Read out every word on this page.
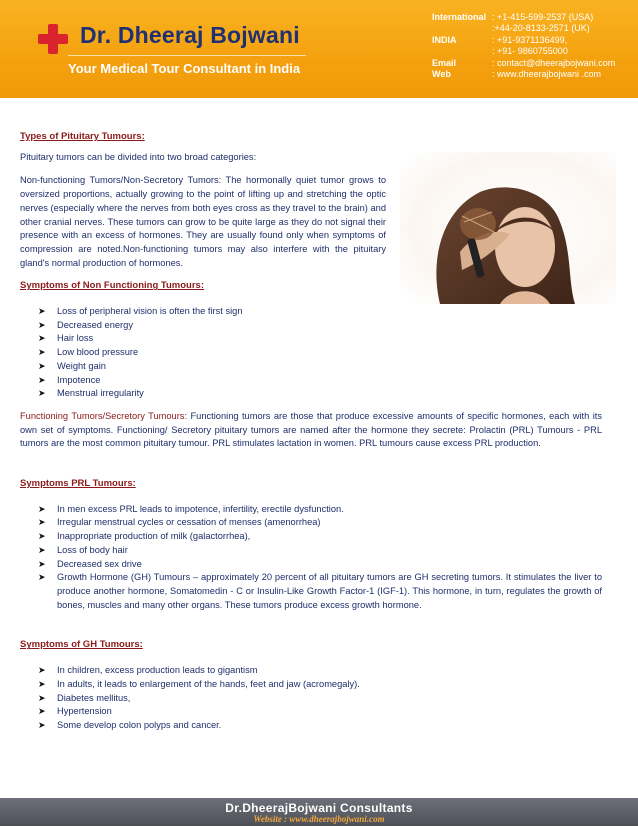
Dr. Dheeraj Bojwani
Your Medical Tour Consultant in India
International : +1-415-599-2537 (USA)
:+44-20-8133-2571 (UK)
INDIA	: +91-9371136499,
: +91- 9860755000
Email	: contact@dheerajbojwani.com
Web	: www.dheerajbojwani .com
Types of Pituitary Tumours:

Pituitary tumors can be divided into two broad categories:

Non-functioning Tumors/Non-Secretory Tumors: The hormonally quiet tumor grows to oversized proportions, actually growing to the point of lifting up and stretching the optic nerves (especially where the nerves from both eyes cross as they travel to the brain) and other cranial nerves. These tumors can grow to be quite large as they do not signal their presence with an excess of hormones. They are usually found only when symptoms of compression are noted.Non-functioning tumors may also interfere with the pituitary gland's normal production of hormones.

Symptoms of Non Functioning Tumours:
➤ Loss of peripheral vision is often the first sign
➤ Decreased energy
➤ Hair loss
➤ Low blood pressure
➤ Weight gain
➤ Impotence
➤ Menstrual irregularity

Functioning Tumors/Secretory Tumours: Functioning tumors are those that produce excessive amounts of specific hormones, each with its own set of symptoms. Functioning/ Secretory pituitary tumors are named after the hormone they secrete: Prolactin (PRL) Tumours - PRL tumors are the most common pituitary tumour. PRL stimulates lactation in women. PRL tumours cause excess PRL production.

Symptoms PRL Tumours:
➤ In men excess PRL leads to impotence, infertility, erectile dysfunction.
➤ Irregular menstrual cycles or cessation of menses (amenorrhea)
➤ Inappropriate production of milk (galactorrhea),
➤ Loss of body hair
➤ Decreased sex drive
➤ Growth Hormone (GH) Tumours – approximately 20 percent of all pituitary tumors are GH secreting tumors. It stimulates the liver to produce another hormone, Somatomedin - C or Insulin-Like Growth Factor-1 (IGF-1). This hormone, in turn, regulates the growth of bones, muscles and many other organs. These tumors produce excess growth hormone.
Symptoms of GH Tumours:
➤ In children, excess production leads to gigantism
➤ In adults, it leads to enlargement of the hands, feet and jaw (acromegaly).
➤ Diabetes mellitus,
➤ Hypertension
➤ Some develop colon polyps and cancer.
Dr.DheerajBojwani Consultants
Website : www.dheerajbojwani.com
